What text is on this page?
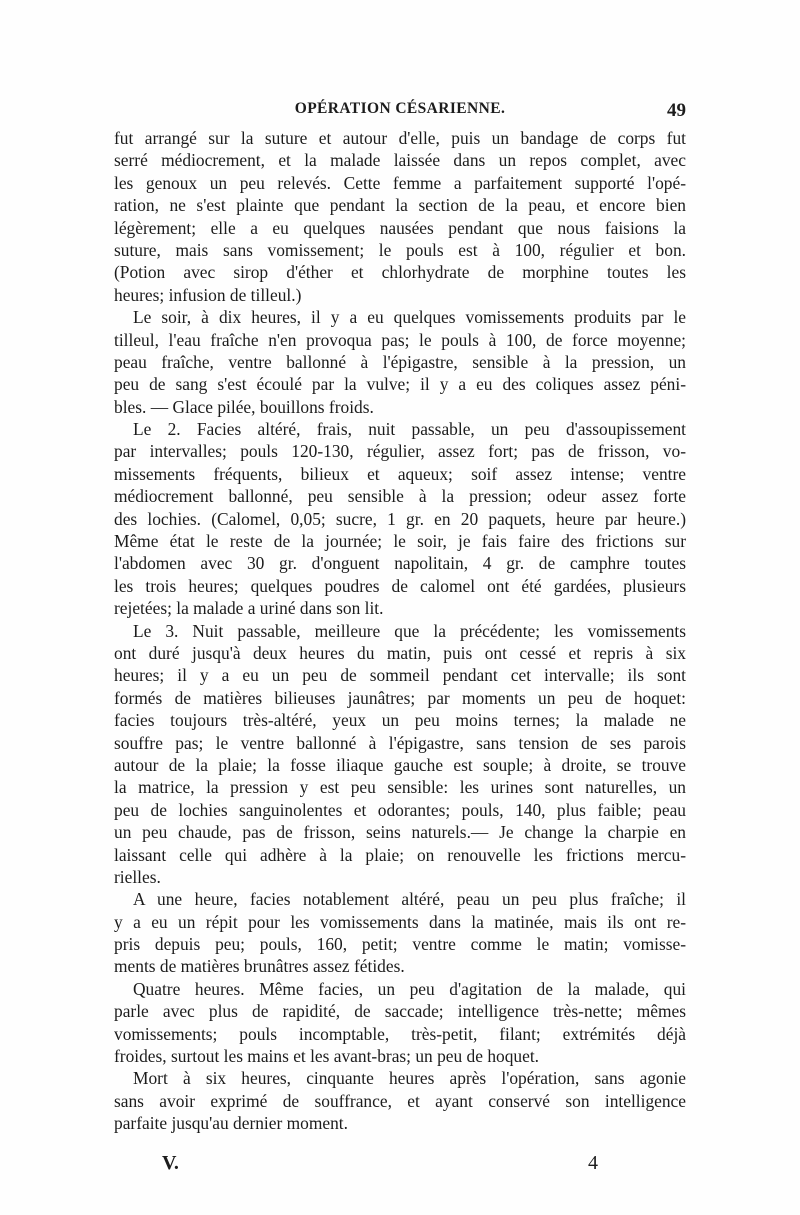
OPÉRATION CÉSARIENNE.	49
fut arrangé sur la suture et autour d'elle, puis un bandage de corps fut
serré médiocrement, et la malade laissée dans un repos complet, avec
les genoux un peu relevés. Cette femme a parfaitement supporté l'opé-
ration, ne s'est plainte que pendant la section de la peau, et encore bien
légèrement; elle a eu quelques nausées pendant que nous faisions la
suture, mais sans vomissement; le pouls est à 100, régulier et bon.
(Potion avec sirop d'éther et chlorhydrate de morphine toutes les
heures; infusion de tilleul.)
Le soir, à dix heures, il y a eu quelques vomissements produits par le
tilleul, l'eau fraîche n'en provoqua pas; le pouls à 100, de force moyenne;
peau fraîche, ventre ballonné à l'épigastre, sensible à la pression, un
peu de sang s'est écoulé par la vulve; il y a eu des coliques assez péni-
bles. — Glace pilée, bouillons froids.
Le 2. Facies altéré, frais, nuit passable, un peu d'assoupissement
par intervalles; pouls 120-130, régulier, assez fort; pas de frisson, vo-
missements fréquents, bilieux et aqueux; soif assez intense; ventre
médiocrement ballonné, peu sensible à la pression; odeur assez forte
des lochies. (Calomel, 0,05; sucre, 1 gr. en 20 paquets, heure par heure.)
Même état le reste de la journée; le soir, je fais faire des frictions sur
l'abdomen avec 30 gr. d'onguent napolitain, 4 gr. de camphre toutes
les trois heures; quelques poudres de calomel ont été gardées, plusieurs
rejetées; la malade a uriné dans son lit.
Le 3. Nuit passable, meilleure que la précédente; les vomissements
ont duré jusqu'à deux heures du matin, puis ont cessé et repris à six
heures; il y a eu un peu de sommeil pendant cet intervalle; ils sont
formés de matières bilieuses jaunâtres; par moments un peu de hoquet:
facies toujours très-altéré, yeux un peu moins ternes; la malade ne
souffre pas; le ventre ballonné à l'épigastre, sans tension de ses parois
autour de la plaie; la fosse iliaque gauche est souple; à droite, se trouve
la matrice, la pression y est peu sensible: les urines sont naturelles, un
peu de lochies sanguinolentes et odorantes; pouls, 140, plus faible; peau
un peu chaude, pas de frisson, seins naturels.— Je change la charpie en
laissant celle qui adhère à la plaie; on renouvelle les frictions mercu-
rielles.
A une heure, facies notablement altéré, peau un peu plus fraîche; il
y a eu un répit pour les vomissements dans la matinée, mais ils ont re-
pris depuis peu; pouls, 160, petit; ventre comme le matin; vomisse-
ments de matières brunâtres assez fétides.
Quatre heures. Même facies, un peu d'agitation de la malade, qui
parle avec plus de rapidité, de saccade; intelligence très-nette; mêmes
vomissements; pouls incomptable, très-petit, filant; extrémités déjà
froides, surtout les mains et les avant-bras; un peu de hoquet.
Mort à six heures, cinquante heures après l'opération, sans agonie
sans avoir exprimé de souffrance, et ayant conservé son intelligence
parfaite jusqu'au dernier moment.
V.	4
